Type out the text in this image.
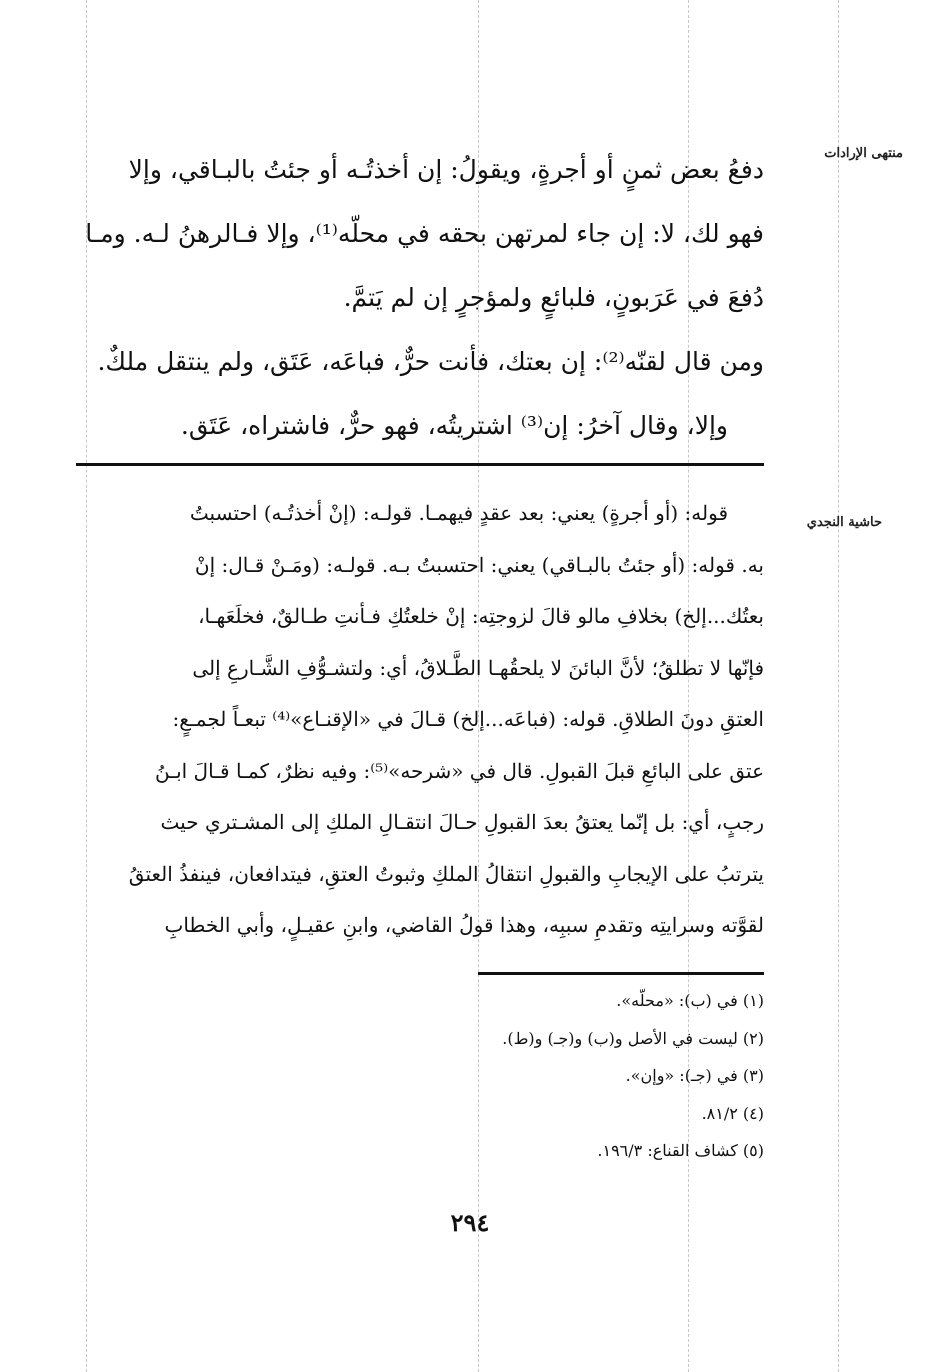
منتهى الإرادات
حاشية النجدي

دفعُ بعض ثمنٍ أو أجرةٍ، ويقولُ: إن أخذتُـه أو جئتُ بالبـاقي، وإلا

فهو لك، لا: إن جاء لمرتهن بحقه في محلّه⁽¹⁾، وإلا فـالرهنُ لـه. ومـا

دُفعَ في عَرَبونٍ، فلبائعٍ ولمؤجرٍ إن لم يَتمَّ.

ومن قال لقنّه⁽²⁾: إن بعتك، فأنت حرٌّ، فباعَه، عَتَق، ولم ينتقل ملكٌ.

وإلا، وقال آخرُ: إن⁽³⁾ اشتريتُه، فهو حرٌّ، فاشتراه، عَتَق.

قوله: (أو أجرةٍ) يعني: بعد عقدٍ فيهمـا. قولـه: (إنْ أخذتُـه) احتسبتُ

به. قوله: (أو جئتُ بالبـاقي) يعني: احتسبتُ بـه. قولـه: (ومَـنْ قـال: إنْ

بعتُك...إلخ) بخلافِ مالو قالَ لزوجتِه: إنْ خلعتُكِ فـأنتِ طـالقٌ، فخلَعَهـا،

فإنّها لا تطلقُ؛ لأنَّ البائنَ لا يلحقُهـا الطَّـلاقُ، أي: ولتشـوُّفِ الشَّـارعِ إلى

العتقِ دونَ الطلاقِ. قوله: (فباعَه...إلخ) قـالَ في «الإقنـاع»⁽⁴⁾ تبعـاً لجمـعٍ:

عتق على البائعِ قبلَ القبولِ. قال في «شرحه»⁽⁵⁾: وفيه نظرٌ، كمـا قـالَ ابـنُ

رجبٍ، أي: بل إنّما يعتقُ بعدَ القبولِ حـالَ انتقـالِ الملكِ إلى المشـتري حيث

يترتبُ على الإيجابِ والقبولِ انتقالُ الملكِ وثبوتُ العتقِ، فيتدافعان، فينفذُ العتقُ

لقوَّته وسرايتِه وتقدمِ سببِه، وهذا قولُ القاضي، وابنِ عقيـلٍ، وأبي الخطابِ

(١) في (ب): «محلّه».
(٢) ليست في الأصل و(ب) و(جـ) و(ط).
(٣) في (جـ): «وإن».
(٤) ٨١/٢.
(٥) كشاف القناع: ١٩٦/٣.
٢٩٤
